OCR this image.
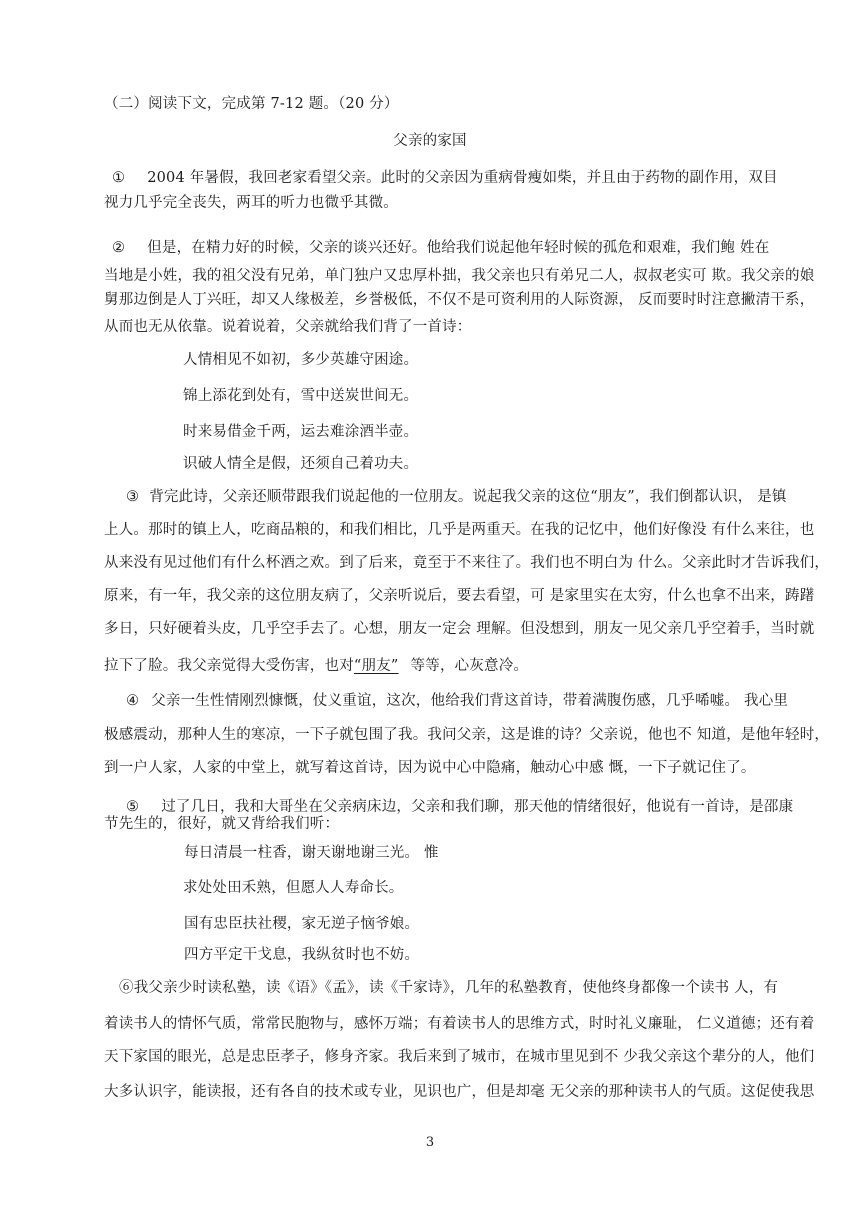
（二）阅读下文，完成第 7-12 题。（20 分）
父亲的家国
① 2004 年暑假，我回老家看望父亲。此时的父亲因为重病骨瘦如柴，并且由于药物的副作用，双目
视力几乎完全丧失，两耳的听力也微乎其微。
② 但是，在精力好的时候，父亲的谈兴还好。他给我们说起他年轻时候的孤危和艰难，我们鲍 姓在
当地是小姓，我的祖父没有兄弟，单门独户又忠厚朴拙，我父亲也只有弟兄二人，叔叔老实可 欺。我父亲的娘
舅那边倒是人丁兴旺，却又人缘极差，乡誉极低，不仅不是可资利用的人际资源， 反而要时时注意撇清干系，
从而也无从依靠。说着说着，父亲就给我们背了一首诗：
人情相见不如初，多少英雄守困途。
锦上添花到处有，雪中送炭世间无。
时来易借金千两，运去难涂酒半壶。
识破人情全是假，还须自己着功夫。
③ 背完此诗，父亲还顺带跟我们说起他的一位朋友。说起我父亲的这位“朋友”，我们倒都认识， 是镇
上人。那时的镇上人，吃商品粮的，和我们相比，几乎是两重天。在我的记忆中，他们好像没 有什么来往，也
从来没有见过他们有什么杯酒之欢。到了后来，竟至于不来往了。我们也不明白为 什么。父亲此时才告诉我们，
原来，有一年，我父亲的这位朋友病了，父亲听说后，要去看望，可 是家里实在太穷，什么也拿不出来，踌躇
多日，只好硬着头皮，几乎空手去了。心想，朋友一定会 理解。但没想到，朋友一见父亲几乎空着手，当时就
拉下了脸。我父亲觉得大受伤害，也对“朋友” 等等，心灰意冷。
④ 父亲一生性情刚烈慷慨，仗义重谊，这次，他给我们背这首诗，带着满腹伤感，几乎唏嘘。 我心里
极感震动，那种人生的寒凉，一下子就包围了我。我问父亲，这是谁的诗？父亲说，他也不 知道，是他年轻时，
到一户人家，人家的中堂上，就写着这首诗，因为说中心中隐痛，触动心中感 慨，一下子就记住了。
⑤ 过了几日，我和大哥坐在父亲病床边，父亲和我们聊，那天他的情绪很好，他说有一首诗，是邵康
节先生的，很好，就又背给我们听：
每日清晨一柱香，谢天谢地谢三光。 惟
求处处田禾熟，但愿人人寿命长。
国有忠臣扶社稷，家无逆子恼爷娘。
四方平定干戈息，我纵贫时也不妨。
⑥我父亲少时读私塾，读《语》《孟》，读《千家诗》，几年的私塾教育，使他终身都像一个读书 人，有
着读书人的情怀气质，常常民胞物与，感怀万端；有着读书人的思维方式，时时礼义廉耻， 仁义道德；还有着
天下家国的眼光，总是忠臣孝子，修身齐家。我后来到了城市，在城市里见到不 少我父亲这个辈分的人，他们
大多认识字，能读报，还有各自的技术或专业，见识也广，但是却毫 无父亲的那种读书人的气质。这促使我思
3
